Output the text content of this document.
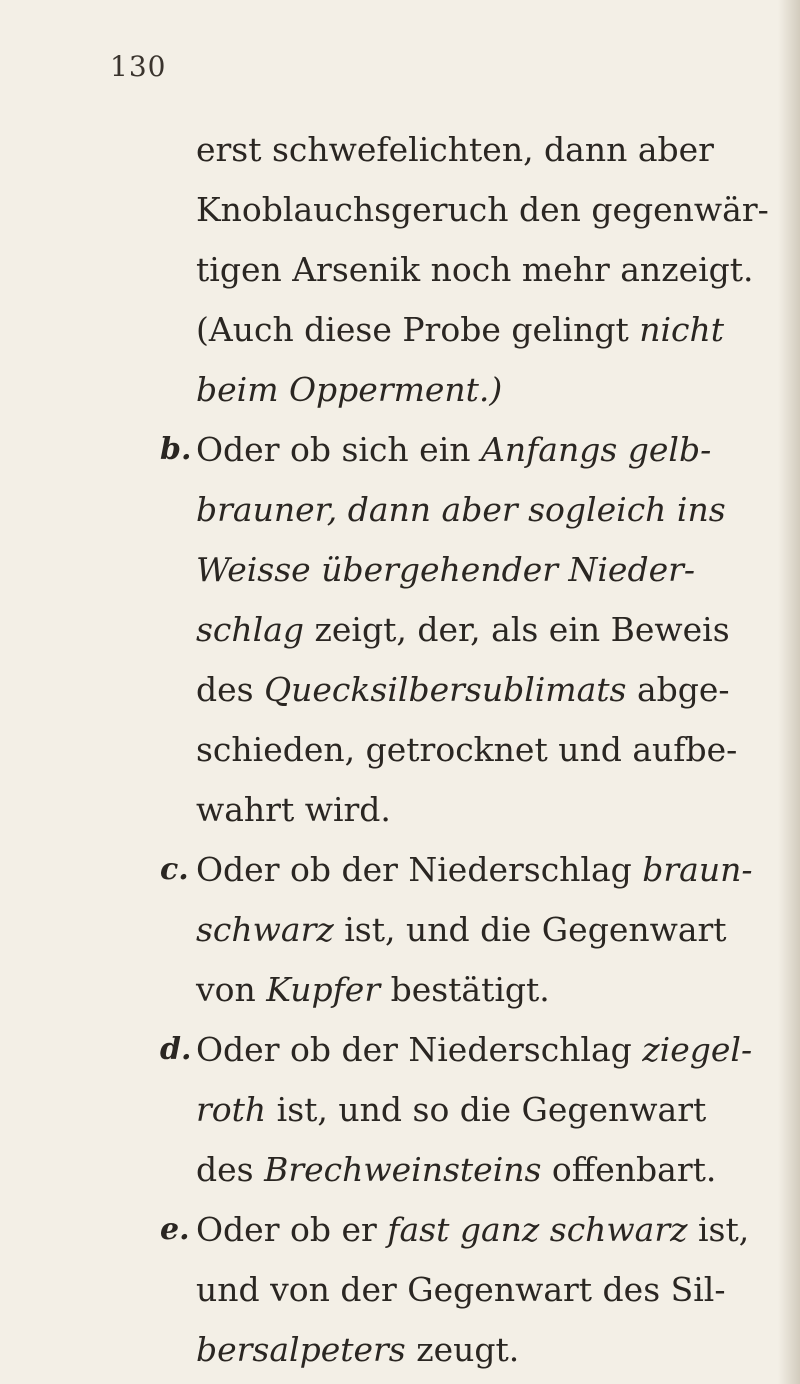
130
erst schwefelichten, dann aber
Knoblauchsgeruch den gegenwär-
tigen Arsenik noch mehr anzeigt.
(Auch diese Probe gelingt nicht
beim Opperment.)
b. Oder ob sich ein Anfangs gelb-
brauner, dann aber sogleich ins
Weisse übergehender Nieder-
schlag zeigt, der, als ein Beweis
des Quecksilbersublimats abge-
schieden, getrocknet und aufbe-
wahrt wird.
c. Oder ob der Niederschlag braun-
schwarz ist, und die Gegenwart
von Kupfer bestätigt.
d. Oder ob der Niederschlag ziegel-
roth ist, und so die Gegenwart
des Brechweinsteins offenbart.
e. Oder ob er fast ganz schwarz ist,
und von der Gegenwart des Sil-
bersalpeters zeugt.
